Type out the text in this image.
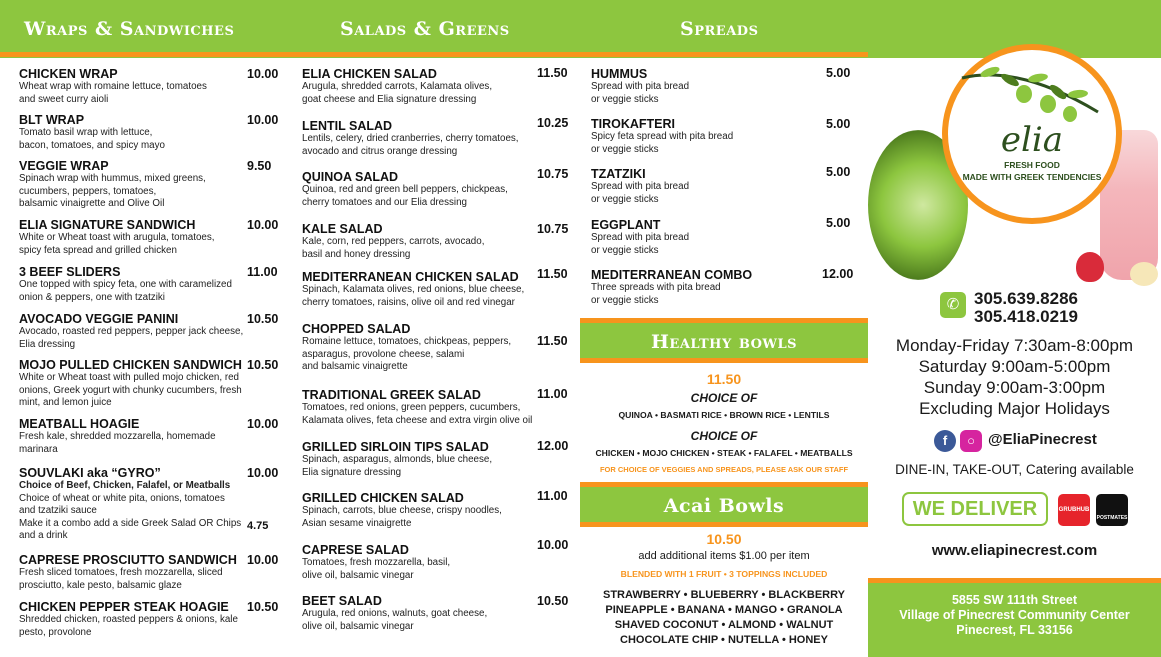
Wraps & Sandwiches	Salads & Greens	Spreads
CHICKEN WRAP
Wheat wrap with romaine lettuce, tomatoes
and sweet curry aioli
10.00
BLT WRAP
Tomato basil wrap with lettuce,
bacon, tomatoes, and spicy mayo
10.00
VEGGIE WRAP
Spinach wrap with hummus, mixed greens,
cucumbers, peppers, tomatoes,
balsamic vinaigrette and Olive Oil
9.50
ELIA SIGNATURE SANDWICH
White or Wheat toast with arugula, tomatoes,
spicy feta spread and grilled chicken
10.00
3 BEEF SLIDERS
One topped with spicy feta, one with caramelized
onion & peppers, one with tzatziki
11.00
AVOCADO VEGGIE PANINI
Avocado, roasted red peppers, pepper jack cheese,
Elia dressing
10.50
MOJO PULLED CHICKEN SANDWICH
White or Wheat toast with pulled mojo chicken, red
onions, Greek yogurt with chunky cucumbers, fresh
mint, and lemon juice
10.50
MEATBALL HOAGIE
Fresh kale, shredded mozzarella, homemade
marinara
10.00
SOUVLAKI aka “GYRO”
Choice of Beef, Chicken, Falafel, or Meatballs
Choice of wheat or white pita, onions, tomatoes
and tzatziki sauce
Make it a combo add a side Greek Salad OR Chips
and a drink
10.00
4.75
CAPRESE PROSCIUTTO SANDWICH
Fresh sliced tomatoes, fresh mozzarella, sliced
prosciutto, kale pesto, balsamic glaze
10.00
CHICKEN PEPPER STEAK HOAGIE
Shredded chicken, roasted peppers & onions, kale
pesto, provolone
10.50
ELIA CHICKEN SALAD
Arugula, shredded carrots, Kalamata olives,
goat cheese and Elia signature dressing
11.50
LENTIL SALAD
Lentils, celery, dried cranberries, cherry tomatoes,
avocado and citrus orange dressing
10.25
QUINOA SALAD
Quinoa, red and green bell peppers, chickpeas,
cherry tomatoes and our Elia dressing
10.75
KALE SALAD
Kale, corn, red peppers, carrots, avocado,
basil and honey dressing
10.75
MEDITERRANEAN CHICKEN SALAD
Spinach, Kalamata olives, red onions, blue cheese,
cherry tomatoes, raisins, olive oil and red vinegar
11.50
CHOPPED SALAD
Romaine lettuce, tomatoes, chickpeas, peppers,
asparagus, provolone cheese, salami
and balsamic vinaigrette
11.50
TRADITIONAL GREEK SALAD
Tomatoes, red onions, green peppers, cucumbers,
Kalamata olives, feta cheese and extra virgin olive oil
11.00
GRILLED SIRLOIN TIPS SALAD
Spinach, asparagus, almonds, blue cheese,
Elia signature dressing
12.00
GRILLED CHICKEN SALAD
Spinach, carrots, blue cheese, crispy noodles,
Asian sesame vinaigrette
11.00
CAPRESE SALAD
Tomatoes, fresh mozzarella, basil,
olive oil, balsamic vinegar
10.00
BEET SALAD
Arugula, red onions, walnuts, goat cheese,
olive oil, balsamic vinegar
10.50
HUMMUS
Spread with pita bread
or veggie sticks
5.00
TIROKAFTERI
Spicy feta spread with pita bread
or veggie sticks
5.00
TZATZIKI
Spread with pita bread
or veggie sticks
5.00
EGGPLANT
Spread with pita bread
or veggie sticks
5.00
MEDITERRANEAN COMBO
Three spreads with pita bread
or veggie sticks
12.00
Healthy bowls
11.50
CHOICE OF
QUINOA • BASMATI RICE • BROWN RICE • LENTILS
CHOICE OF
CHICKEN • MOJO CHICKEN • STEAK • FALAFEL • MEATBALLS
FOR CHOICE OF VEGGIES AND SPREADS, PLEASE ASK OUR STAFF
Acai Bowls
10.50
add additional items $1.00 per item
BLENDED WITH 1 FRUIT • 3 TOPPINGS INCLUDED
STRAWBERRY • BLUEBERRY • BLACKBERRY
PINEAPPLE • BANANA • MANGO • GRANOLA
SHAVED COCONUT • ALMOND • WALNUT
CHOCOLATE CHIP • NUTELLA • HONEY
elia
FRESH FOOD
MADE WITH GREEK TENDENCIES
✆ 305.639.8286
305.418.0219
Monday-Friday 7:30am-8:00pm
Saturday 9:00am-5:00pm
Sunday 9:00am-3:00pm
Excluding Major Holidays
f	○ @EliaPinecrest
DINE-IN, TAKE-OUT, Catering available
WE DELIVER	GRUBHUB
POSTMATES
www.eliapinecrest.com
5855 SW 111th Street
Village of Pinecrest Community Center
Pinecrest, FL 33156
